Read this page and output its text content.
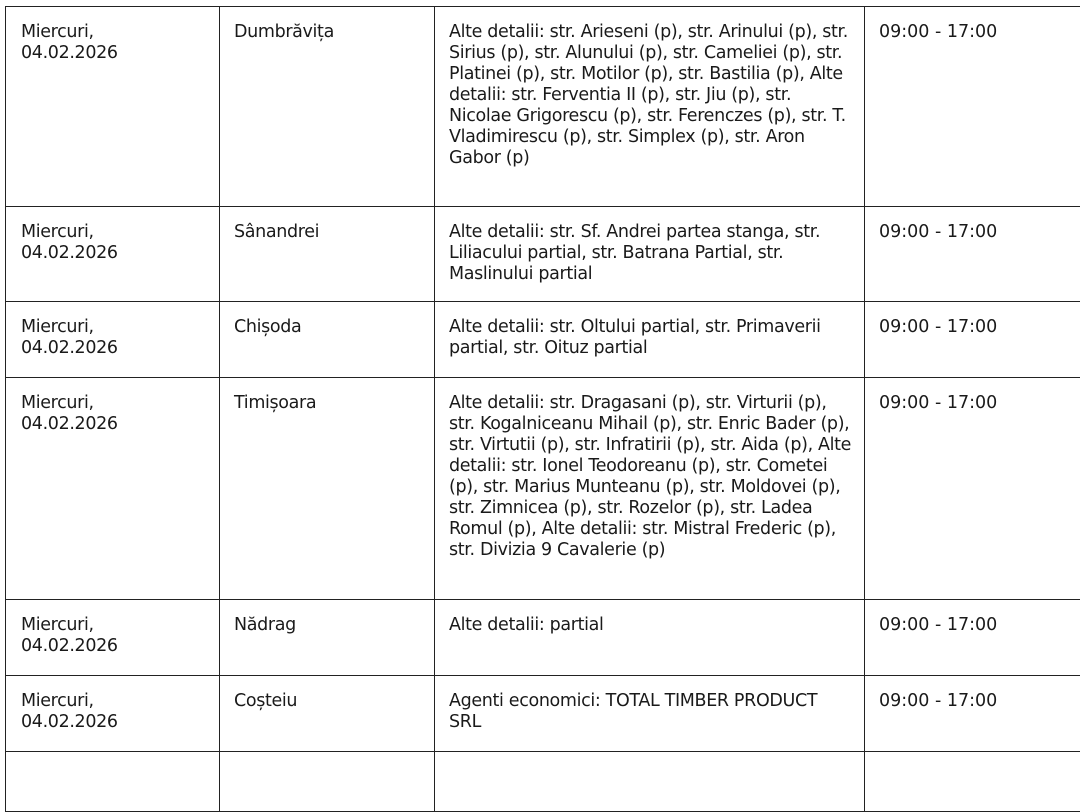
Miercuri,
04.02.2026	Dumbrăvița	Alte detalii: str. Arieseni (p), str. Arinului (p), str. Sirius (p), str. Alunului (p), str. Cameliei (p), str. Platinei (p), str. Motilor (p), str. Bastilia (p), Alte detalii: str. Ferventia II (p), str. Jiu (p), str. Nicolae Grigorescu (p), str. Ferenczes (p), str. T. Vladimirescu (p), str. Simplex (p), str. Aron Gabor (p)	09:00 - 17:00
Miercuri,
04.02.2026	Sânandrei	Alte detalii: str. Sf. Andrei partea stanga, str. Liliacului partial, str. Batrana Partial, str. Maslinului partial	09:00 - 17:00
Miercuri,
04.02.2026	Chișoda	Alte detalii: str. Oltului partial, str. Primaverii partial, str. Oituz partial	09:00 - 17:00
Miercuri,
04.02.2026	Timișoara	Alte detalii: str. Dragasani (p), str. Virturii (p), str. Kogalniceanu Mihail (p), str. Enric Bader (p), str. Virtutii (p), str. Infratirii (p), str. Aida (p), Alte detalii: str. Ionel Teodoreanu (p), str. Cometei (p), str. Marius Munteanu (p), str. Moldovei (p), str. Zimnicea (p), str. Rozelor (p), str. Ladea Romul (p), Alte detalii: str. Mistral Frederic (p), str. Divizia 9 Cavalerie (p)	09:00 - 17:00
Miercuri,
04.02.2026	Nădrag	Alte detalii: partial	09:00 - 17:00
Miercuri,
04.02.2026	Coșteiu	Agenti economici: TOTAL TIMBER PRODUCT SRL	09:00 - 17:00
